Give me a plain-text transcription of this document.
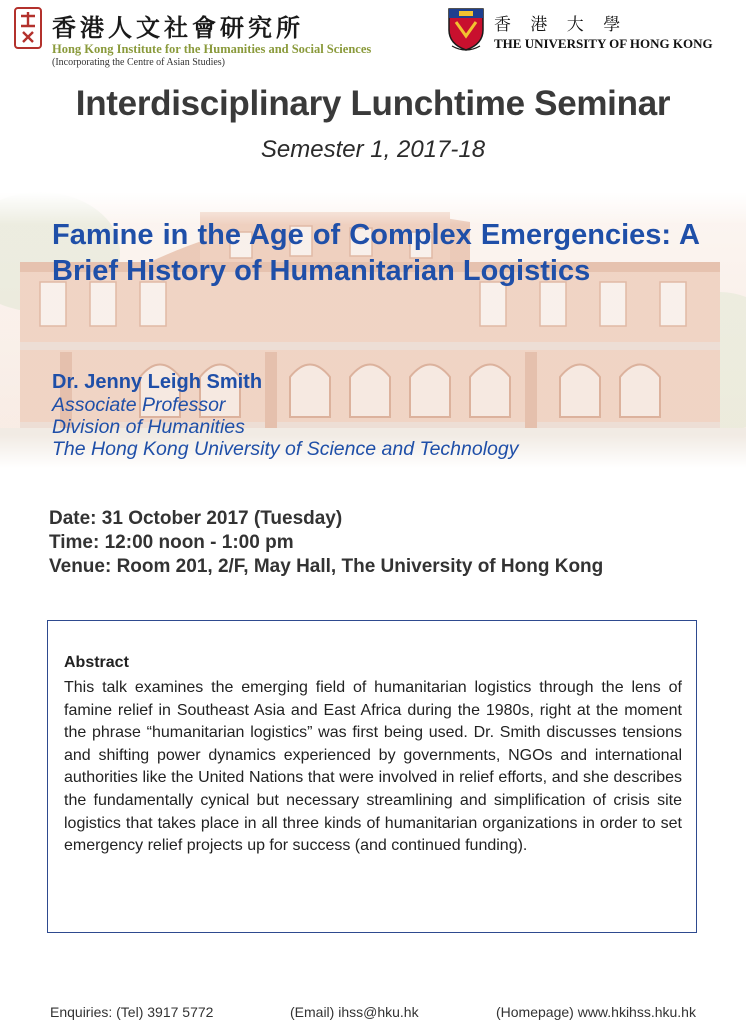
香港人文社會研究所
Hong Kong Institute for the Humanities and Social Sciences
(Incorporating the Centre of Asian Studies)
香 港 大 學
THE UNIVERSITY OF HONG KONG
Interdisciplinary Lunchtime Seminar
Semester 1, 2017-18
Famine in the Age of Complex Emergencies: A Brief History of Humanitarian Logistics
Dr. Jenny Leigh Smith
Associate Professor
Division of Humanities
The Hong Kong University of Science and Technology
Date: 31 October 2017 (Tuesday)
Time: 12:00 noon - 1:00 pm
Venue: Room 201, 2/F, May Hall, The University of Hong Kong
Abstract
This talk examines the emerging field of humanitarian logistics through the lens of famine relief in Southeast Asia and East Africa during the 1980s, right at the moment the phrase “humanitarian logistics” was first being used. Dr. Smith discusses tensions and shifting power dynamics experienced by governments, NGOs and international authorities like the United Nations that were involved in relief efforts, and she describes the fundamentally cynical but necessary streamlining and simplification of crisis site logistics that takes place in all three kinds of humanitarian organizations in order to set emergency relief projects up for success (and continued funding).
Enquiries: (Tel) 3917 5772	(Email) ihss@hku.hk	(Homepage) www.hkihss.hku.hk
